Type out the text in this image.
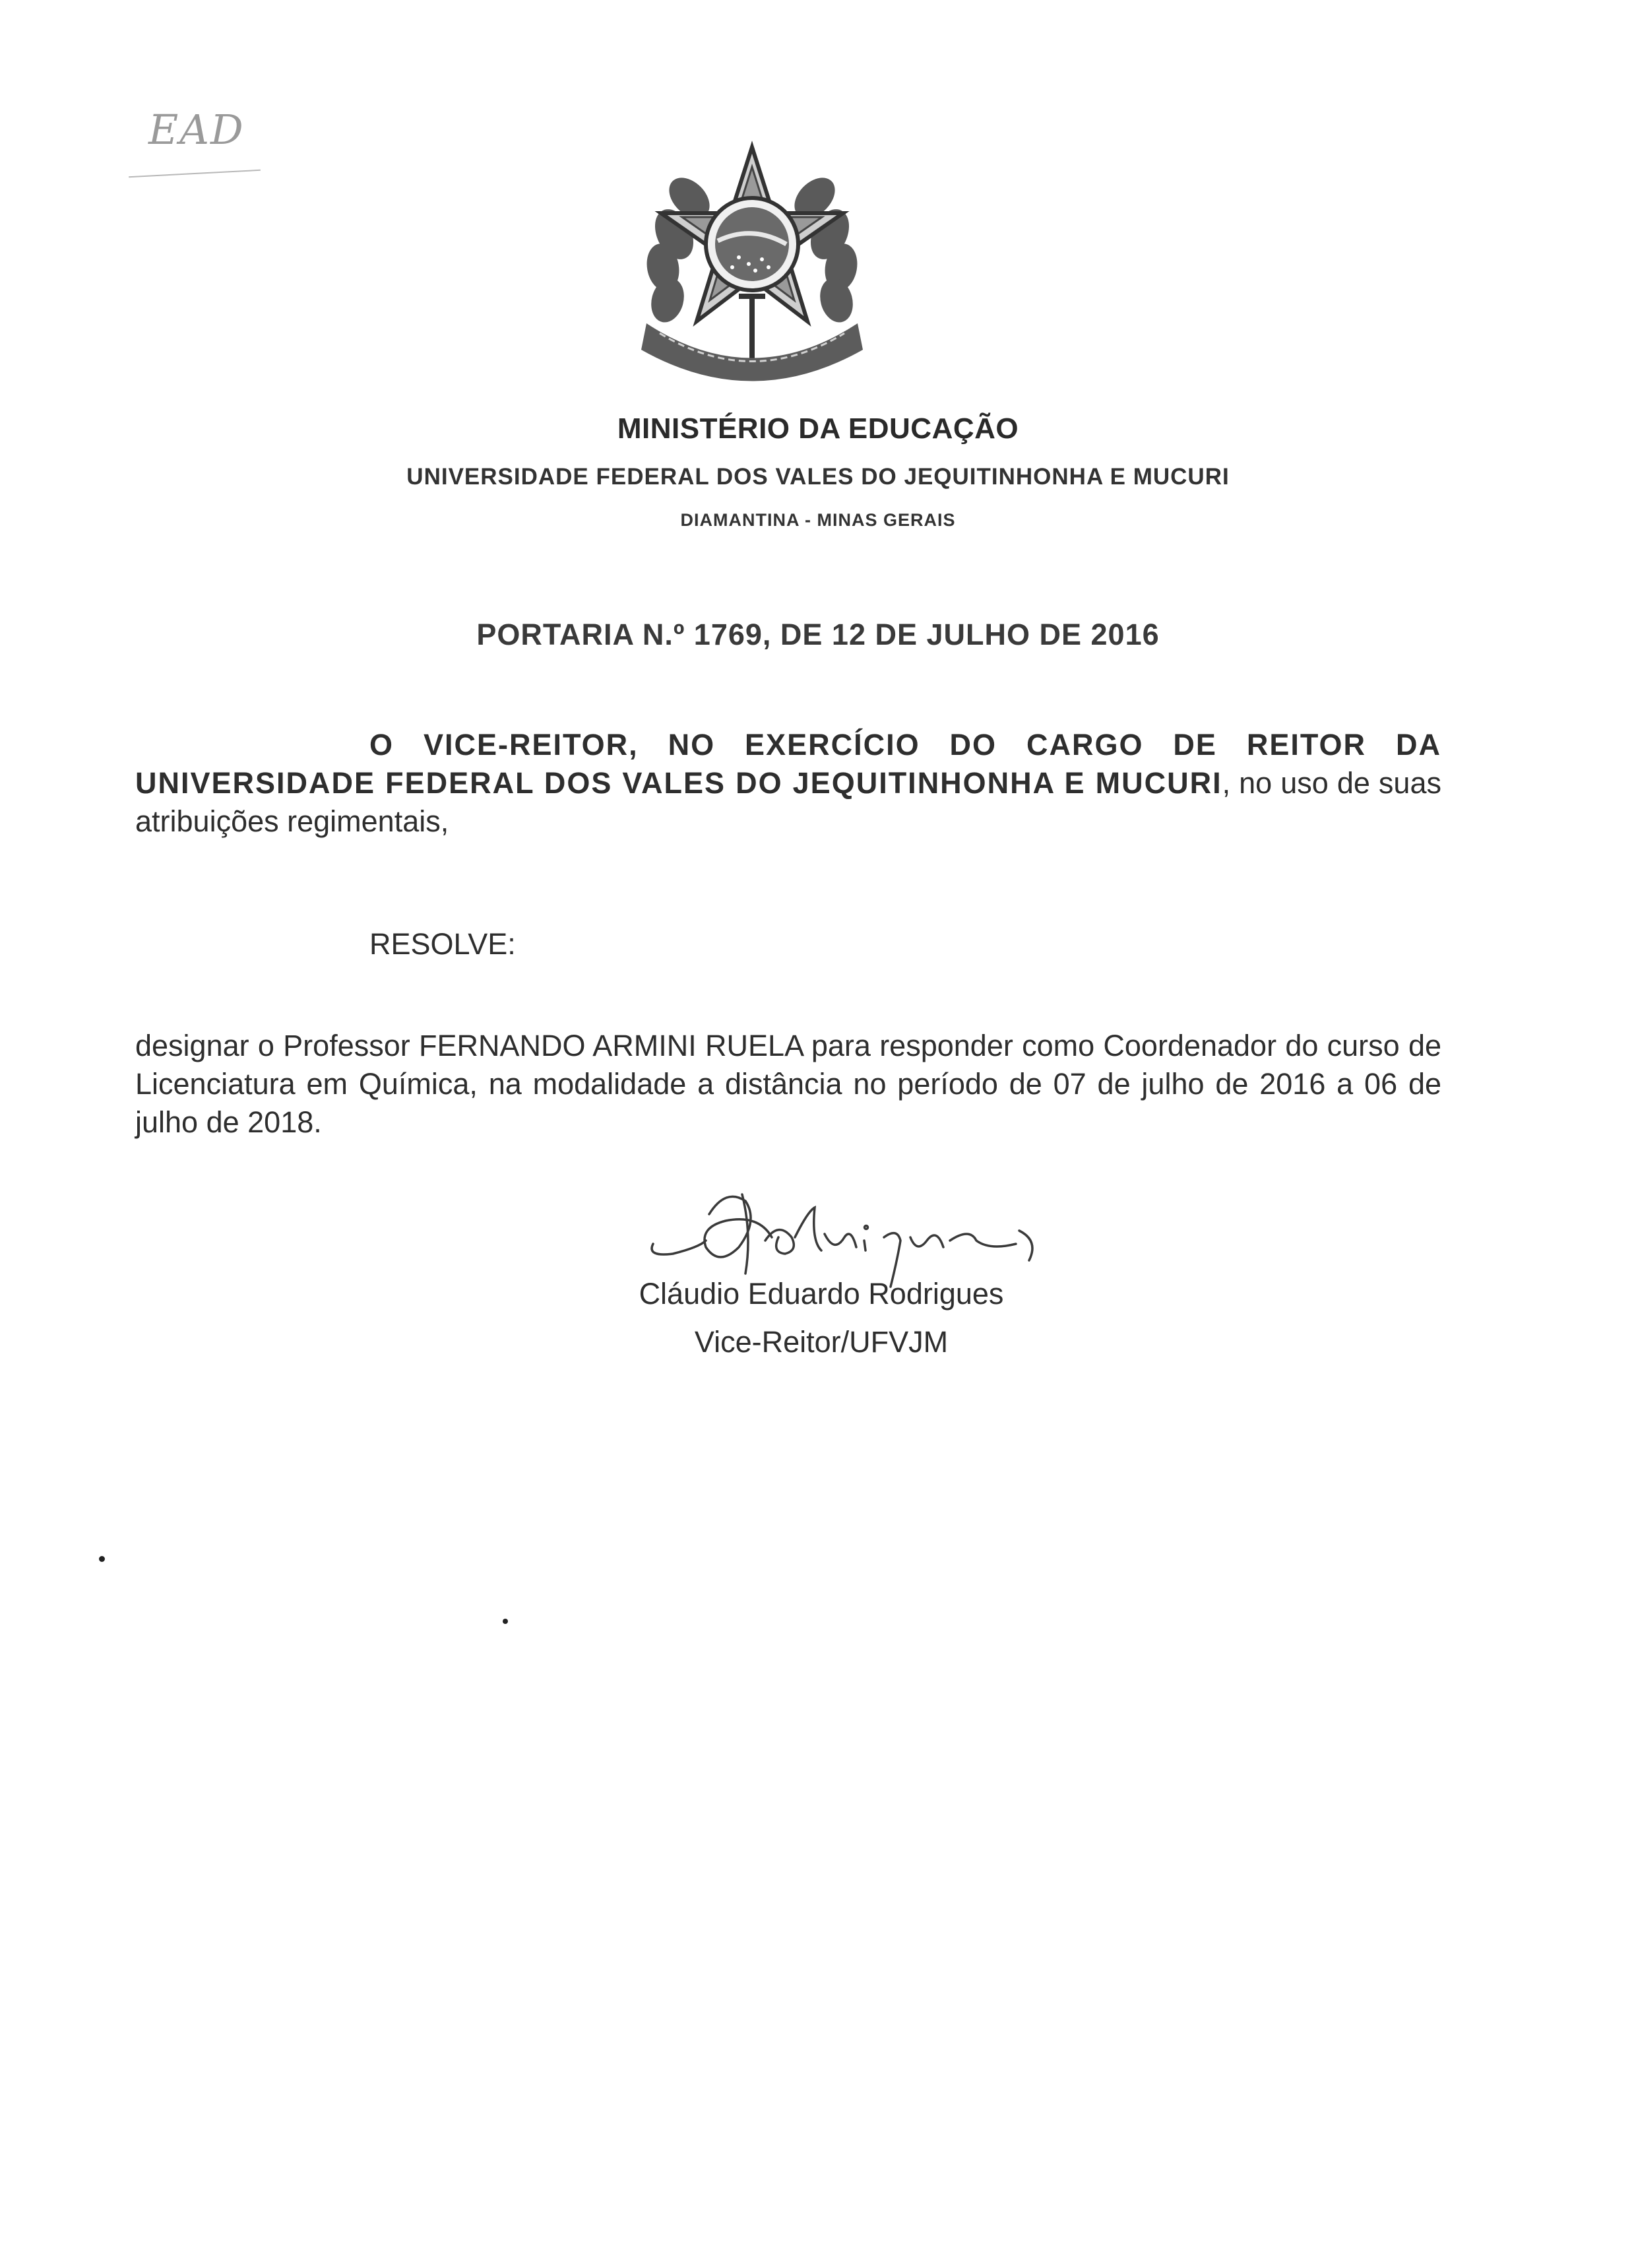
EAD
MINISTÉRIO DA EDUCAÇÃO
UNIVERSIDADE FEDERAL DOS VALES DO JEQUITINHONHA E MUCURI
DIAMANTINA - MINAS GERAIS
PORTARIA N.º 1769, DE 12 DE JULHO DE 2016
O VICE-REITOR, NO EXERCÍCIO DO CARGO DE REITOR DA UNIVERSIDADE FEDERAL DOS VALES DO JEQUITINHONHA E MUCURI, no uso de suas atribuições regimentais,
RESOLVE:
designar o Professor FERNANDO ARMINI RUELA para responder como Coordenador do curso de Licenciatura em Química, na modalidade a distância no período de 07 de julho de 2016 a 06 de julho de 2018.
Cláudio Eduardo Rodrigues
Vice-Reitor/UFVJM
